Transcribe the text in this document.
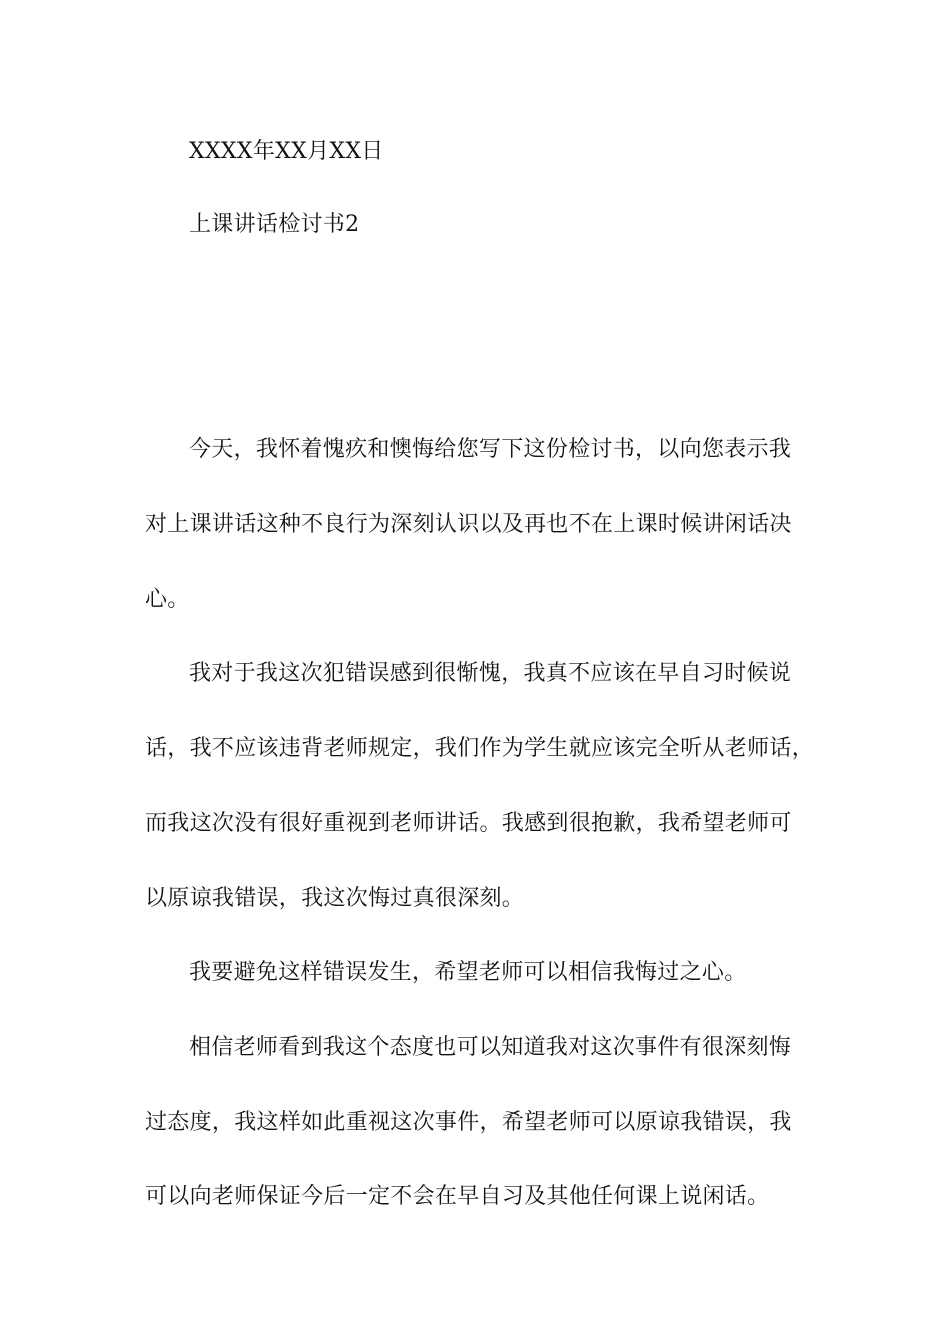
XXXX年XX月XX日
上课讲话检讨书2
今天，我怀着愧疚和懊悔给您写下这份检讨书，以向您表示我
对上课讲话这种不良行为深刻认识以及再也不在上课时候讲闲话决
心。
我对于我这次犯错误感到很惭愧，我真不应该在早自习时候说
话，我不应该违背老师规定，我们作为学生就应该完全听从老师话，
而我这次没有很好重视到老师讲话。我感到很抱歉，我希望老师可
以原谅我错误，我这次悔过真很深刻。
我要避免这样错误发生，希望老师可以相信我悔过之心。
相信老师看到我这个态度也可以知道我对这次事件有很深刻悔
过态度，我这样如此重视这次事件，希望老师可以原谅我错误，我
可以向老师保证今后一定不会在早自习及其他任何课上说闲话。
